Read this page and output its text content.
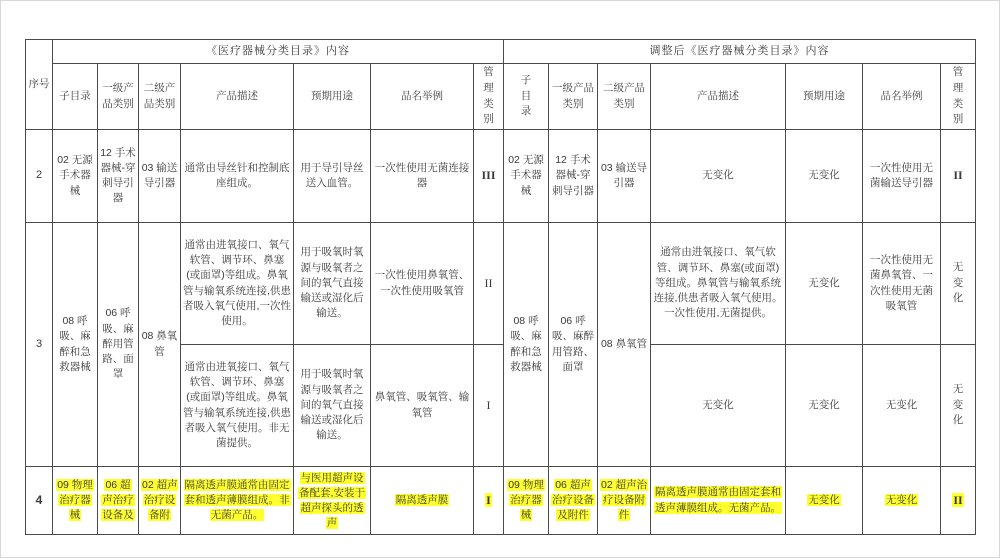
序号	《医疗器械分类目录》内容							调整后《医疗器械分类目录》内容						
	子目录	一级产品类别	二级产品类别	产品描述	预期用途	品名举例	管理类别	子目录	一级产品类别	二级产品类别	产品描述	预期用途	品名举例	管理类别
2	02 无源手术器械	12 手术器械-穿刺导引器	03 输送导引器	通常由导丝针和控制底座组成。	用于导引导丝送入血管。	一次性使用无菌连接器	III	02 无源手术器械	12 手术器械-穿刺导引器	03 输送导引器	无变化	无变化	一次性使用无菌输送导引器	II
3	08 呼吸、麻醉和急救器械	06 呼吸、麻醉用管路、面罩	08 鼻氧管	通常由进氧接口、氧气软管、调节环、鼻塞(或面罩)等组成。鼻氧管与输氧系统连接,供患者吸入氧气使用,一次性使用。	用于吸氧时氧源与吸氧者之间的氧气直接输送或湿化后输送。	一次性使用鼻氧管、一次性使用吸氧管	II	08 呼吸、麻醉和急救器械	06 呼吸、麻醉用管路、面罩	08 鼻氧管	通常由进氧接口、氧气软管、调节环、鼻塞(或面罩)等组成。鼻氧管与输氧系统连接,供患者吸入氧气使用。一次性使用,无菌提供。	无变化	一次性使用无菌鼻氧管、一次性使用无菌吸氧管	无变化
				通常由进氧接口、氧气软管、调节环、鼻塞(或面罩)等组成。鼻氧管与输氧系统连接,供患者吸入氧气使用。非无菌提供。	用于吸氧时氧源与吸氧者之间的氧气直接输送或湿化后输送。	鼻氧管、吸氧管、输氧管	I				无变化	无变化	无变化	无变化
4	09 物理治疗器械	06 超声治疗设备及	02 超声治疗设备附	隔离透声膜通常由固定套和透声薄膜组成。非无菌产品。	与医用超声设备配套,安装于超声探头的透声	隔离透声膜	I	09 物理治疗器械	06 超声治疗设备及附件	02 超声治疗设备附件	隔离透声膜通常由固定套和透声薄膜组成。无菌产品。	无变化	无变化	II
